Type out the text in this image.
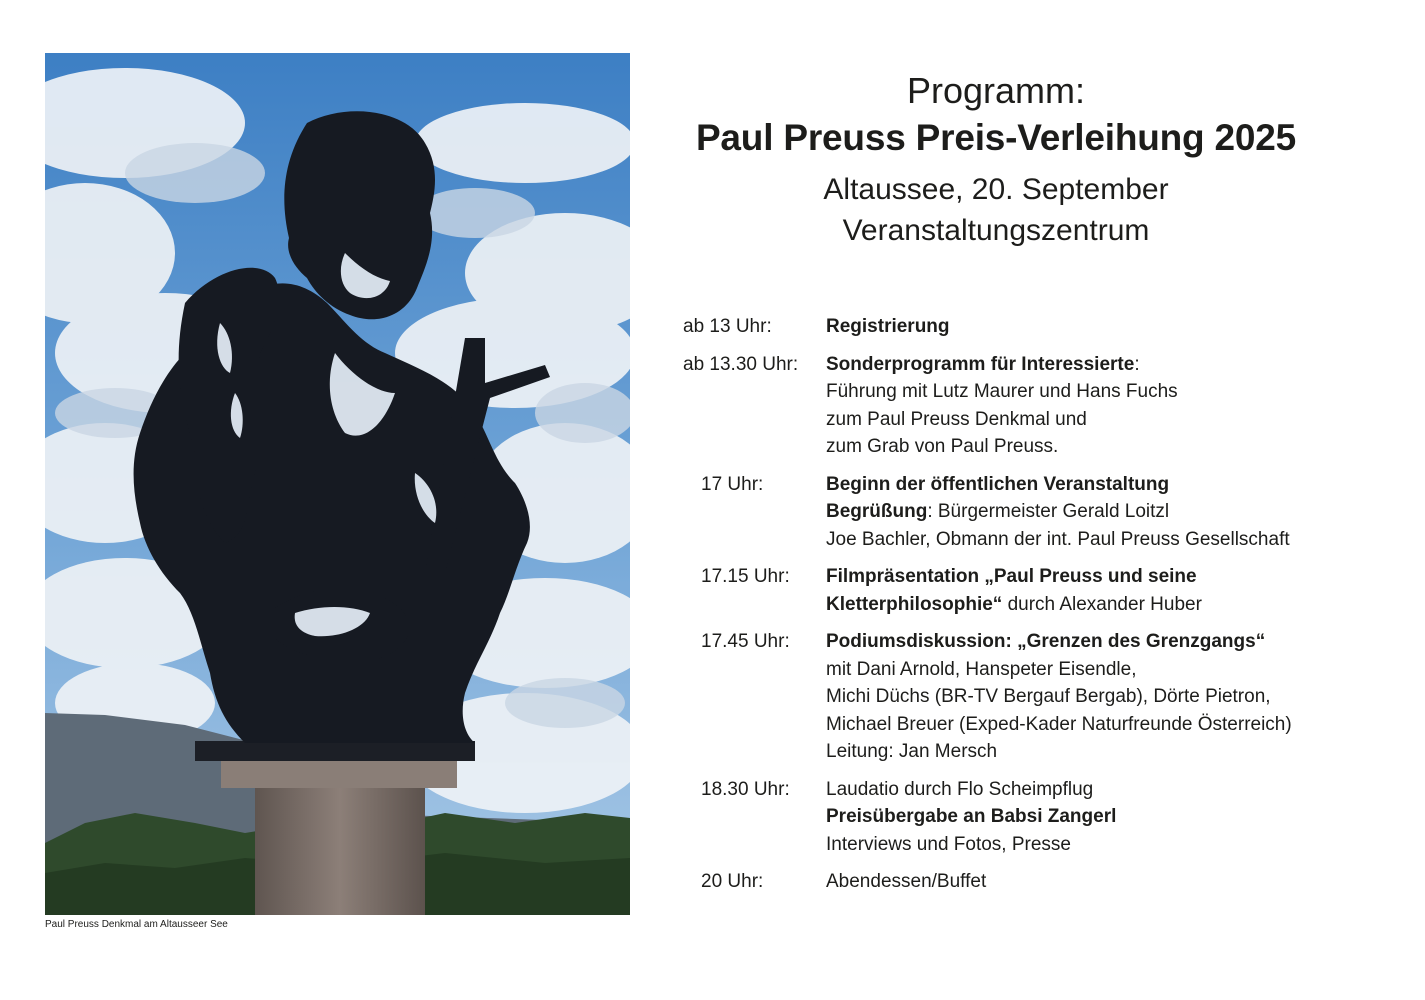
Paul Preuss Denkmal am Altausseer See
Programm:
Paul Preuss Preis-Verleihung 2025
Altaussee, 20. September
Veranstaltungszentrum
ab 13 Uhr:	Registrierung
ab 13.30 Uhr: Sonderprogramm für Interessierte:
Führung mit Lutz Maurer und Hans Fuchs
zum Paul Preuss Denkmal und
zum Grab von Paul Preuss.
17 Uhr:	Beginn der öffentlichen Veranstaltung
Begrüßung: Bürgermeister Gerald Loitzl
Joe Bachler, Obmann der int. Paul Preuss Gesellschaft
17.15 Uhr: Filmpräsentation „Paul Preuss und seine
Kletterphilosophie“ durch Alexander Huber
17.45 Uhr: Podiumsdiskussion: „Grenzen des Grenzgangs“
mit Dani Arnold, Hanspeter Eisendle,
Michi Düchs (BR-TV Bergauf Bergab), Dörte Pietron,
Michael Breuer (Exped-Kader Naturfreunde Österreich)
Leitung: Jan Mersch
18.30 Uhr: Laudatio durch Flo Scheimpflug
Preisübergabe an Babsi Zangerl
Interviews und Fotos, Presse
20 Uhr:	Abendessen/Buffet
